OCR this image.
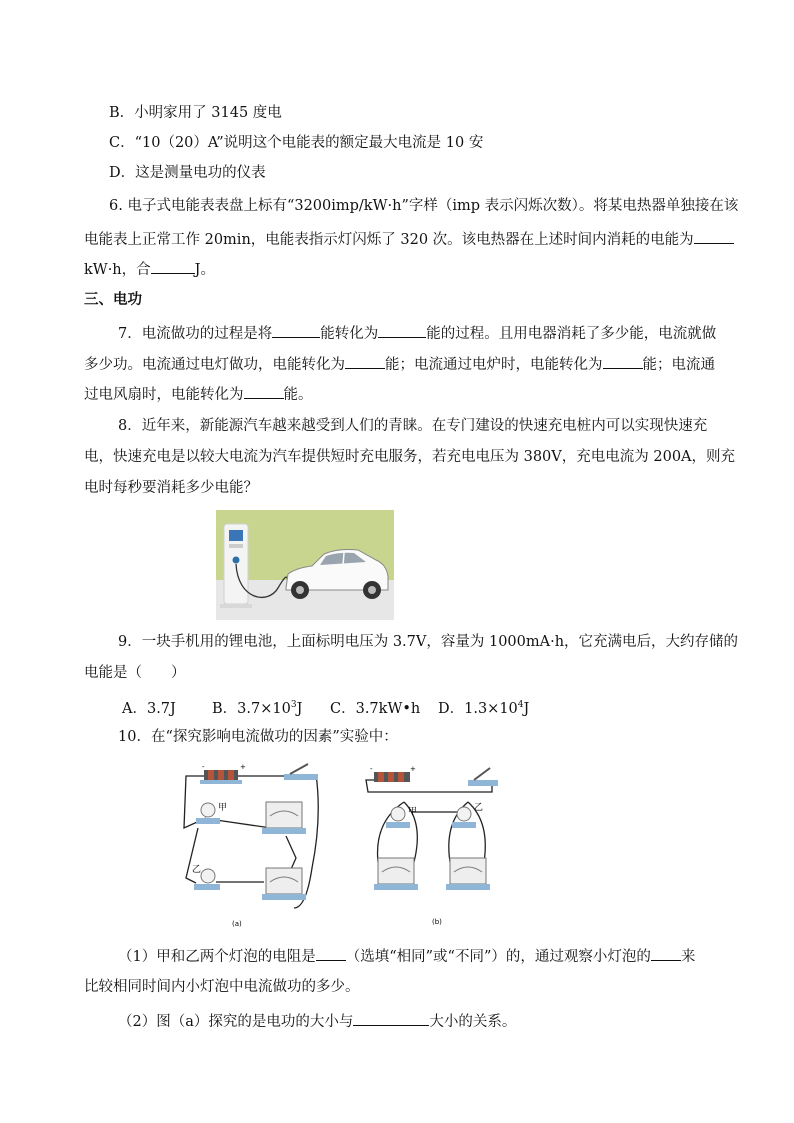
B．小明家用了 3145 度电
C．“10（20）A”说明这个电能表的额定最大电流是 10 安
D．这是测量电功的仪表
6. 电子式电能表表盘上标有“3200imp/kW·h”字样（imp 表示闪烁次数）。将某电热器单独接在该
电能表上正常工作 20min，电能表指示灯闪烁了 320 次。该电热器在上述时间内消耗的电能为
kW·h，合	J。
三、电功
7．电流做功的过程是将	能转化为	能的过程。且用电器消耗了多少能，电流就做
多少功。电流通过电灯做功，电能转化为	能；电流通过电炉时，电能转化为	能；电流通
过电风扇时，电能转化为	能。
8．近年来，新能源汽车越来越受到人们的青睐。在专门建设的快速充电桩内可以实现快速充
电，快速充电是以较大电流为汽车提供短时充电服务，若充电电压为 380V，充电电流为 200A，则充
电时每秒要消耗多少电能？
9．一块手机用的锂电池，上面标明电压为 3.7V，容量为 1000mA·h，它充满电后，大约存储的
电能是（　　）
A．3.7J B．$3.7\times 10^3J$ C．3.7kW•h D．$1.3\times 10^4J$
10．在“探究影响电流做功的因素”实验中：
-	+
甲
乙
(a)
-	+
甲	乙
(b)
（1）甲和乙两个灯泡的电阻是 （选填“相同”或“不同”）的，通过观察小灯泡的 来
比较相同时间内小灯泡中电流做功的多少。
（2）图（a）探究的是电功的大小与	大小的关系。
